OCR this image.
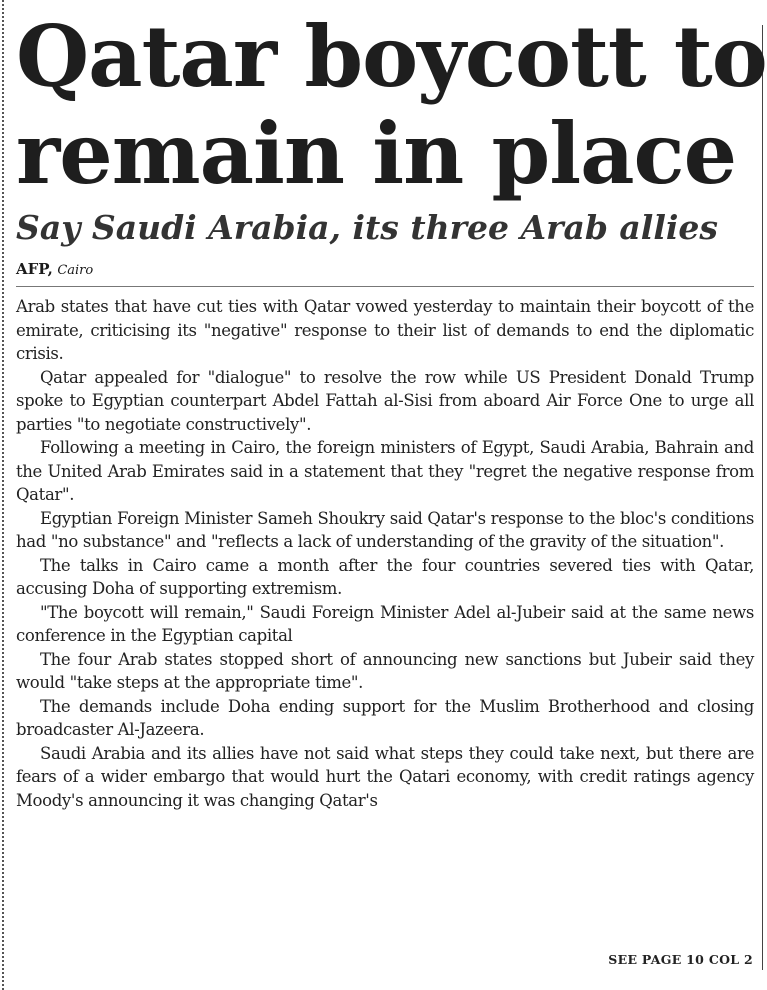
Qatar boycott to
remain in place
Say Saudi Arabia, its three Arab allies
AFP, Cairo

Arab states that have cut ties with Qatar vowed yesterday to maintain their boycott of the emirate, criticising its "negative" response to their list of demands to end the diplomatic crisis.

Qatar appealed for "dialogue" to resolve the row while US President Donald Trump spoke to Egyptian counterpart Abdel Fattah al-Sisi from aboard Air Force One to urge all parties "to negotiate constructively".

Following a meeting in Cairo, the foreign ministers of Egypt, Saudi Arabia, Bahrain and the United Arab Emirates said in a statement that they "regret the negative response from Qatar".

Egyptian Foreign Minister Sameh Shoukry said Qatar's response to the bloc's conditions had "no substance" and "reflects a lack of understanding of the gravity of the situation".

The talks in Cairo came a month after the four countries severed ties with Qatar, accusing Doha of supporting extremism.

"The boycott will remain," Saudi Foreign Minister Adel al-Jubeir said at the same news conference in the Egyptian capital

The four Arab states stopped short of announcing new sanctions but Jubeir said they would "take steps at the appropriate time".

The demands include Doha ending support for the Muslim Brotherhood and closing broadcaster Al-Jazeera.

Saudi Arabia and its allies have not said what steps they could take next, but there are fears of a wider embargo that would hurt the Qatari economy, with credit ratings agency Moody's announcing it was changing Qatar's

SEE PAGE 10 COL 2
